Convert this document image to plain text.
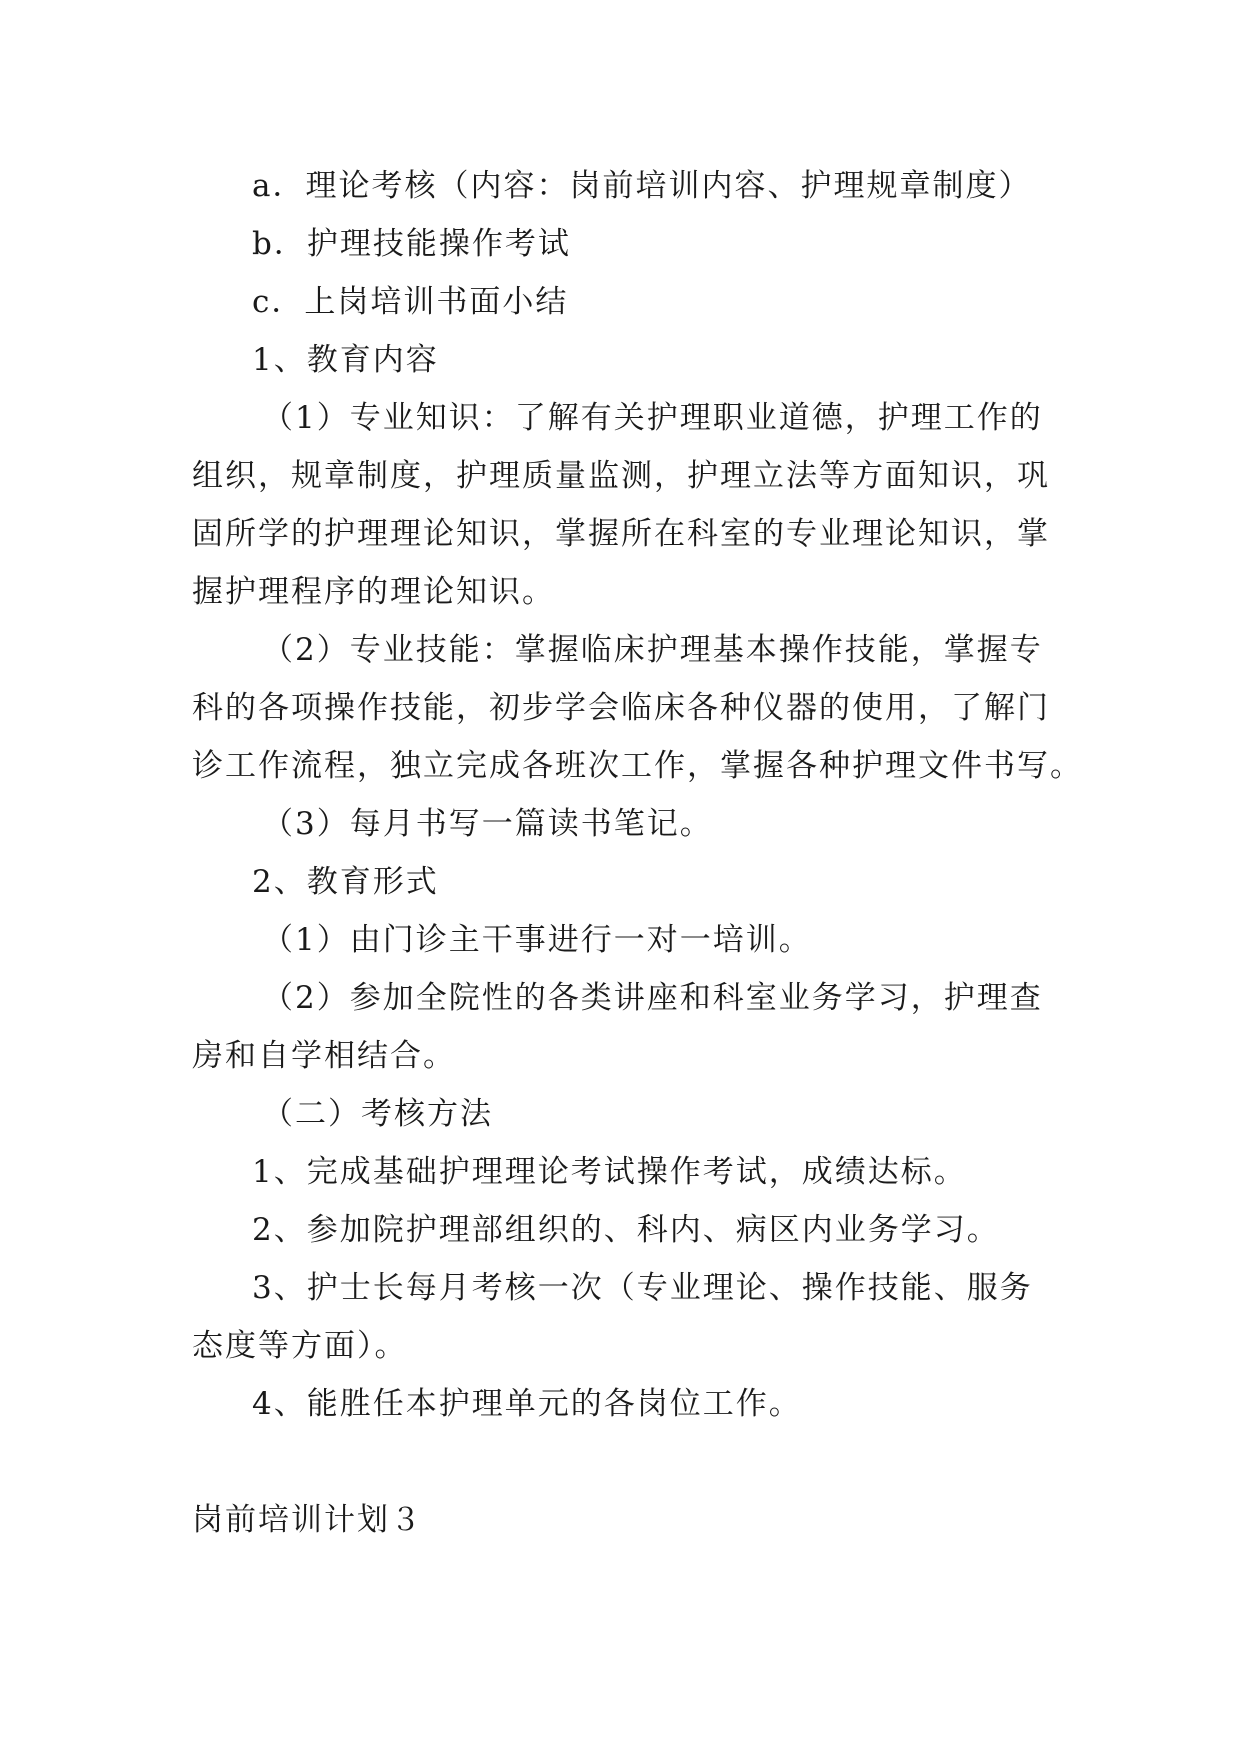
a．理论考核（内容：岗前培训内容、护理规章制度）
b．护理技能操作考试
c．上岗培训书面小结
1、教育内容
（1）专业知识：了解有关护理职业道德，护理工作的
组织，规章制度，护理质量监测，护理立法等方面知识，巩
固所学的护理理论知识，掌握所在科室的专业理论知识，掌
握护理程序的理论知识。
（2）专业技能：掌握临床护理基本操作技能，掌握专
科的各项操作技能，初步学会临床各种仪器的使用，了解门
诊工作流程，独立完成各班次工作，掌握各种护理文件书写。
（3）每月书写一篇读书笔记。
2、教育形式
（1）由门诊主干事进行一对一培训。
（2）参加全院性的各类讲座和科室业务学习，护理查
房和自学相结合。
（二）考核方法
1、完成基础护理理论考试操作考试，成绩达标。
2、参加院护理部组织的、科内、病区内业务学习。
3、护士长每月考核一次（专业理论、操作技能、服务
态度等方面）。
4、能胜任本护理单元的各岗位工作。
岗前培训计划３
